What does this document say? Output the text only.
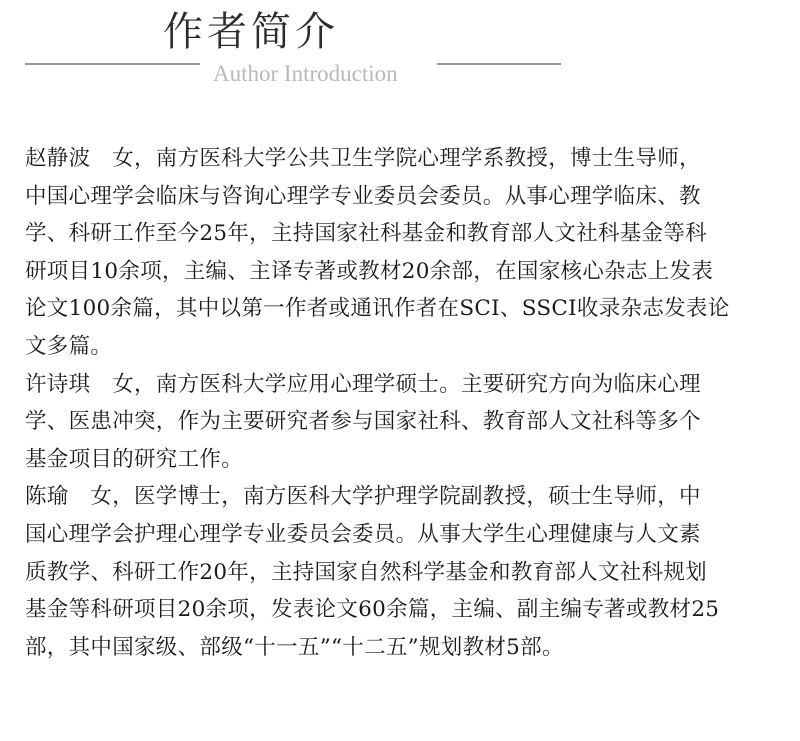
作者简介
Author Introduction
赵静波　女，南方医科大学公共卫生学院心理学系教授，博士生导师，
中国心理学会临床与咨询心理学专业委员会委员。从事心理学临床、教
学、科研工作至今25年，主持国家社科基金和教育部人文社科基金等科
研项目10余项，主编、主译专著或教材20余部，在国家核心杂志上发表
论文100余篇，其中以第一作者或通讯作者在SCI、SSCI收录杂志发表论
文多篇。
许诗琪　女，南方医科大学应用心理学硕士。主要研究方向为临床心理
学、医患冲突，作为主要研究者参与国家社科、教育部人文社科等多个
基金项目的研究工作。
陈瑜　女，医学博士，南方医科大学护理学院副教授，硕士生导师，中
国心理学会护理心理学专业委员会委员。从事大学生心理健康与人文素
质教学、科研工作20年，主持国家自然科学基金和教育部人文社科规划
基金等科研项目20余项，发表论文60余篇，主编、副主编专著或教材25
部，其中国家级、部级“十一五”“十二五”规划教材5部。
